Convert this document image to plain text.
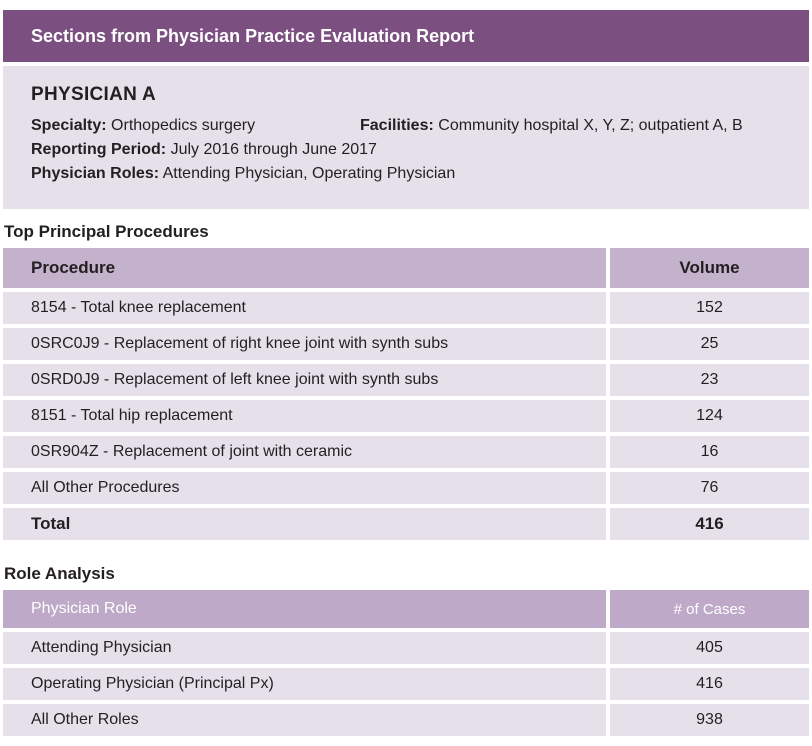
Sections from Physician Practice Evaluation Report
PHYSICIAN A
Specialty: Orthopedics surgery	Facilities: Community hospital X, Y, Z; outpatient A, B
Reporting Period: July 2016 through June 2017
Physician Roles: Attending Physician, Operating Physician
Top Principal Procedures
Procedure	Volume
8154 - Total knee replacement	152
0SRC0J9 - Replacement of right knee joint with synth subs	25
0SRD0J9 - Replacement of left knee joint with synth subs	23
8151 - Total hip replacement	124
0SR904Z - Replacement of joint with ceramic	16
All Other Procedures	76
Total	416
Role Analysis
Physician Role	# of Cases
Attending Physician	405
Operating Physician (Principal Px)	416
All Other Roles	938
